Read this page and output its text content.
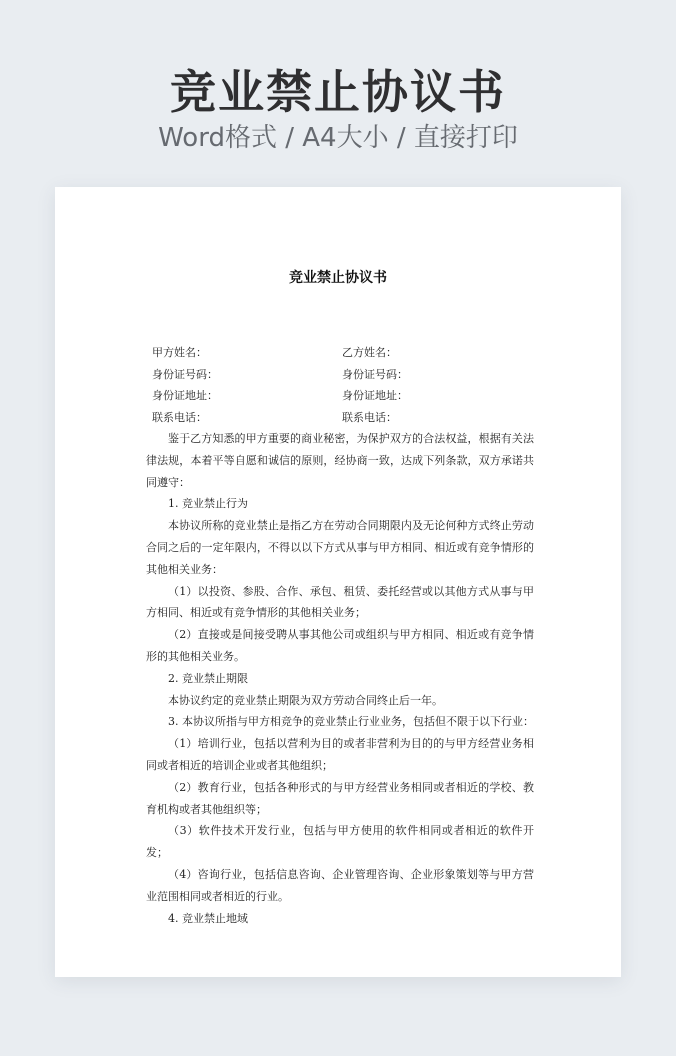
竞业禁止协议书
Word格式 / A4大小 / 直接打印
竞业禁止协议书
甲方姓名：	乙方姓名：
身份证号码：	身份证号码：
身份证地址：	身份证地址：
联系电话：	联系电话：

鉴于乙方知悉的甲方重要的商业秘密，为保护双方的合法权益，根据有关法律法规，本着平等自愿和诚信的原则，经协商一致，达成下列条款，双方承诺共同遵守：

1. 竞业禁止行为

本协议所称的竞业禁止是指乙方在劳动合同期限内及无论何种方式终止劳动合同之后的一定年限内，不得以以下方式从事与甲方相同、相近或有竞争情形的其他相关业务：

（1）以投资、参股、合作、承包、租赁、委托经营或以其他方式从事与甲方相同、相近或有竞争情形的其他相关业务；

（2）直接或是间接受聘从事其他公司或组织与甲方相同、相近或有竞争情形的其他相关业务。

2. 竞业禁止期限

本协议约定的竞业禁止期限为双方劳动合同终止后一年。

3. 本协议所指与甲方相竞争的竞业禁止行业业务，包括但不限于以下行业：

（1）培训行业，包括以营利为目的或者非营利为目的的与甲方经营业务相同或者相近的培训企业或者其他组织；

（2）教育行业，包括各种形式的与甲方经营业务相同或者相近的学校、教育机构或者其他组织等；

（3）软件技术开发行业，包括与甲方使用的软件相同或者相近的软件开发；

（4）咨询行业，包括信息咨询、企业管理咨询、企业形象策划等与甲方营业范围相同或者相近的行业。

4. 竞业禁止地域
